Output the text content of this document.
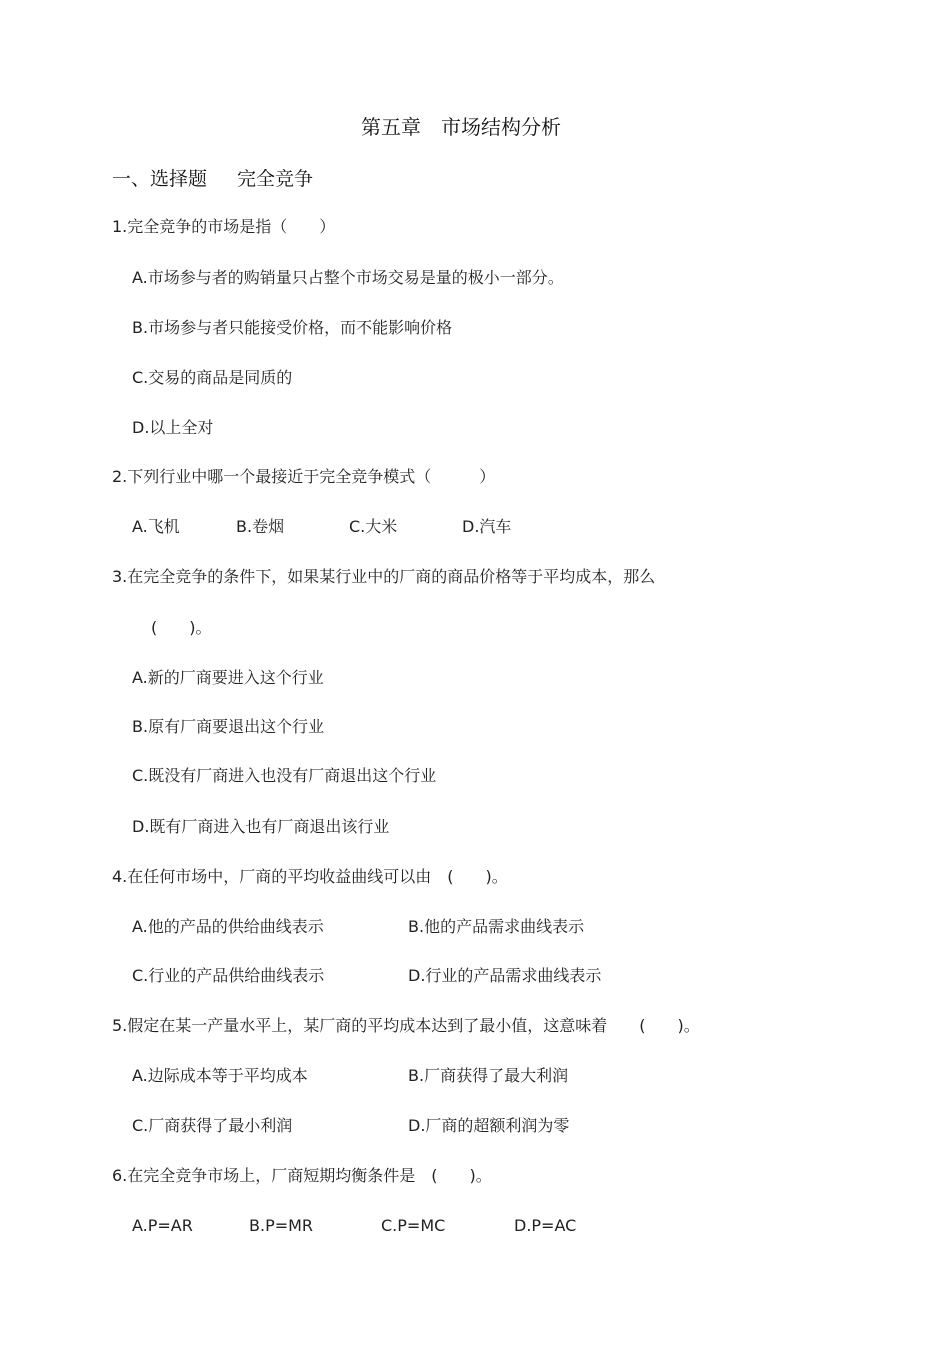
第五章　市场结构分析
一、选择题 完全竞争
1.完全竞争的市场是指（　　）
A.市场参与者的购销量只占整个市场交易是量的极小一部分。
B.市场参与者只能接受价格，而不能影响价格
C.交易的商品是同质的
D.以上全对
2.下列行业中哪一个最接近于完全竞争模式（　　　）
A.飞机	B.卷烟	C.大米	D.汽车
3.在完全竞争的条件下，如果某行业中的厂商的商品价格等于平均成本，那么
(　　)。
A.新的厂商要进入这个行业
B.原有厂商要退出这个行业
C.既没有厂商进入也没有厂商退出这个行业
D.既有厂商进入也有厂商退出该行业
4.在任何市场中，厂商的平均收益曲线可以由　(　　)。
A.他的产品的供给曲线表示	B.他的产品需求曲线表示
C.行业的产品供给曲线表示	D.行业的产品需求曲线表示
5.假定在某一产量水平上，某厂商的平均成本达到了最小值，这意味着　　(　　)。
A.边际成本等于平均成本	B.厂商获得了最大利润
C.厂商获得了最小利润	D.厂商的超额利润为零
6.在完全竞争市场上，厂商短期均衡条件是　(　　)。
A.P=AR	B.P=MR	C.P=MC	D.P=AC
